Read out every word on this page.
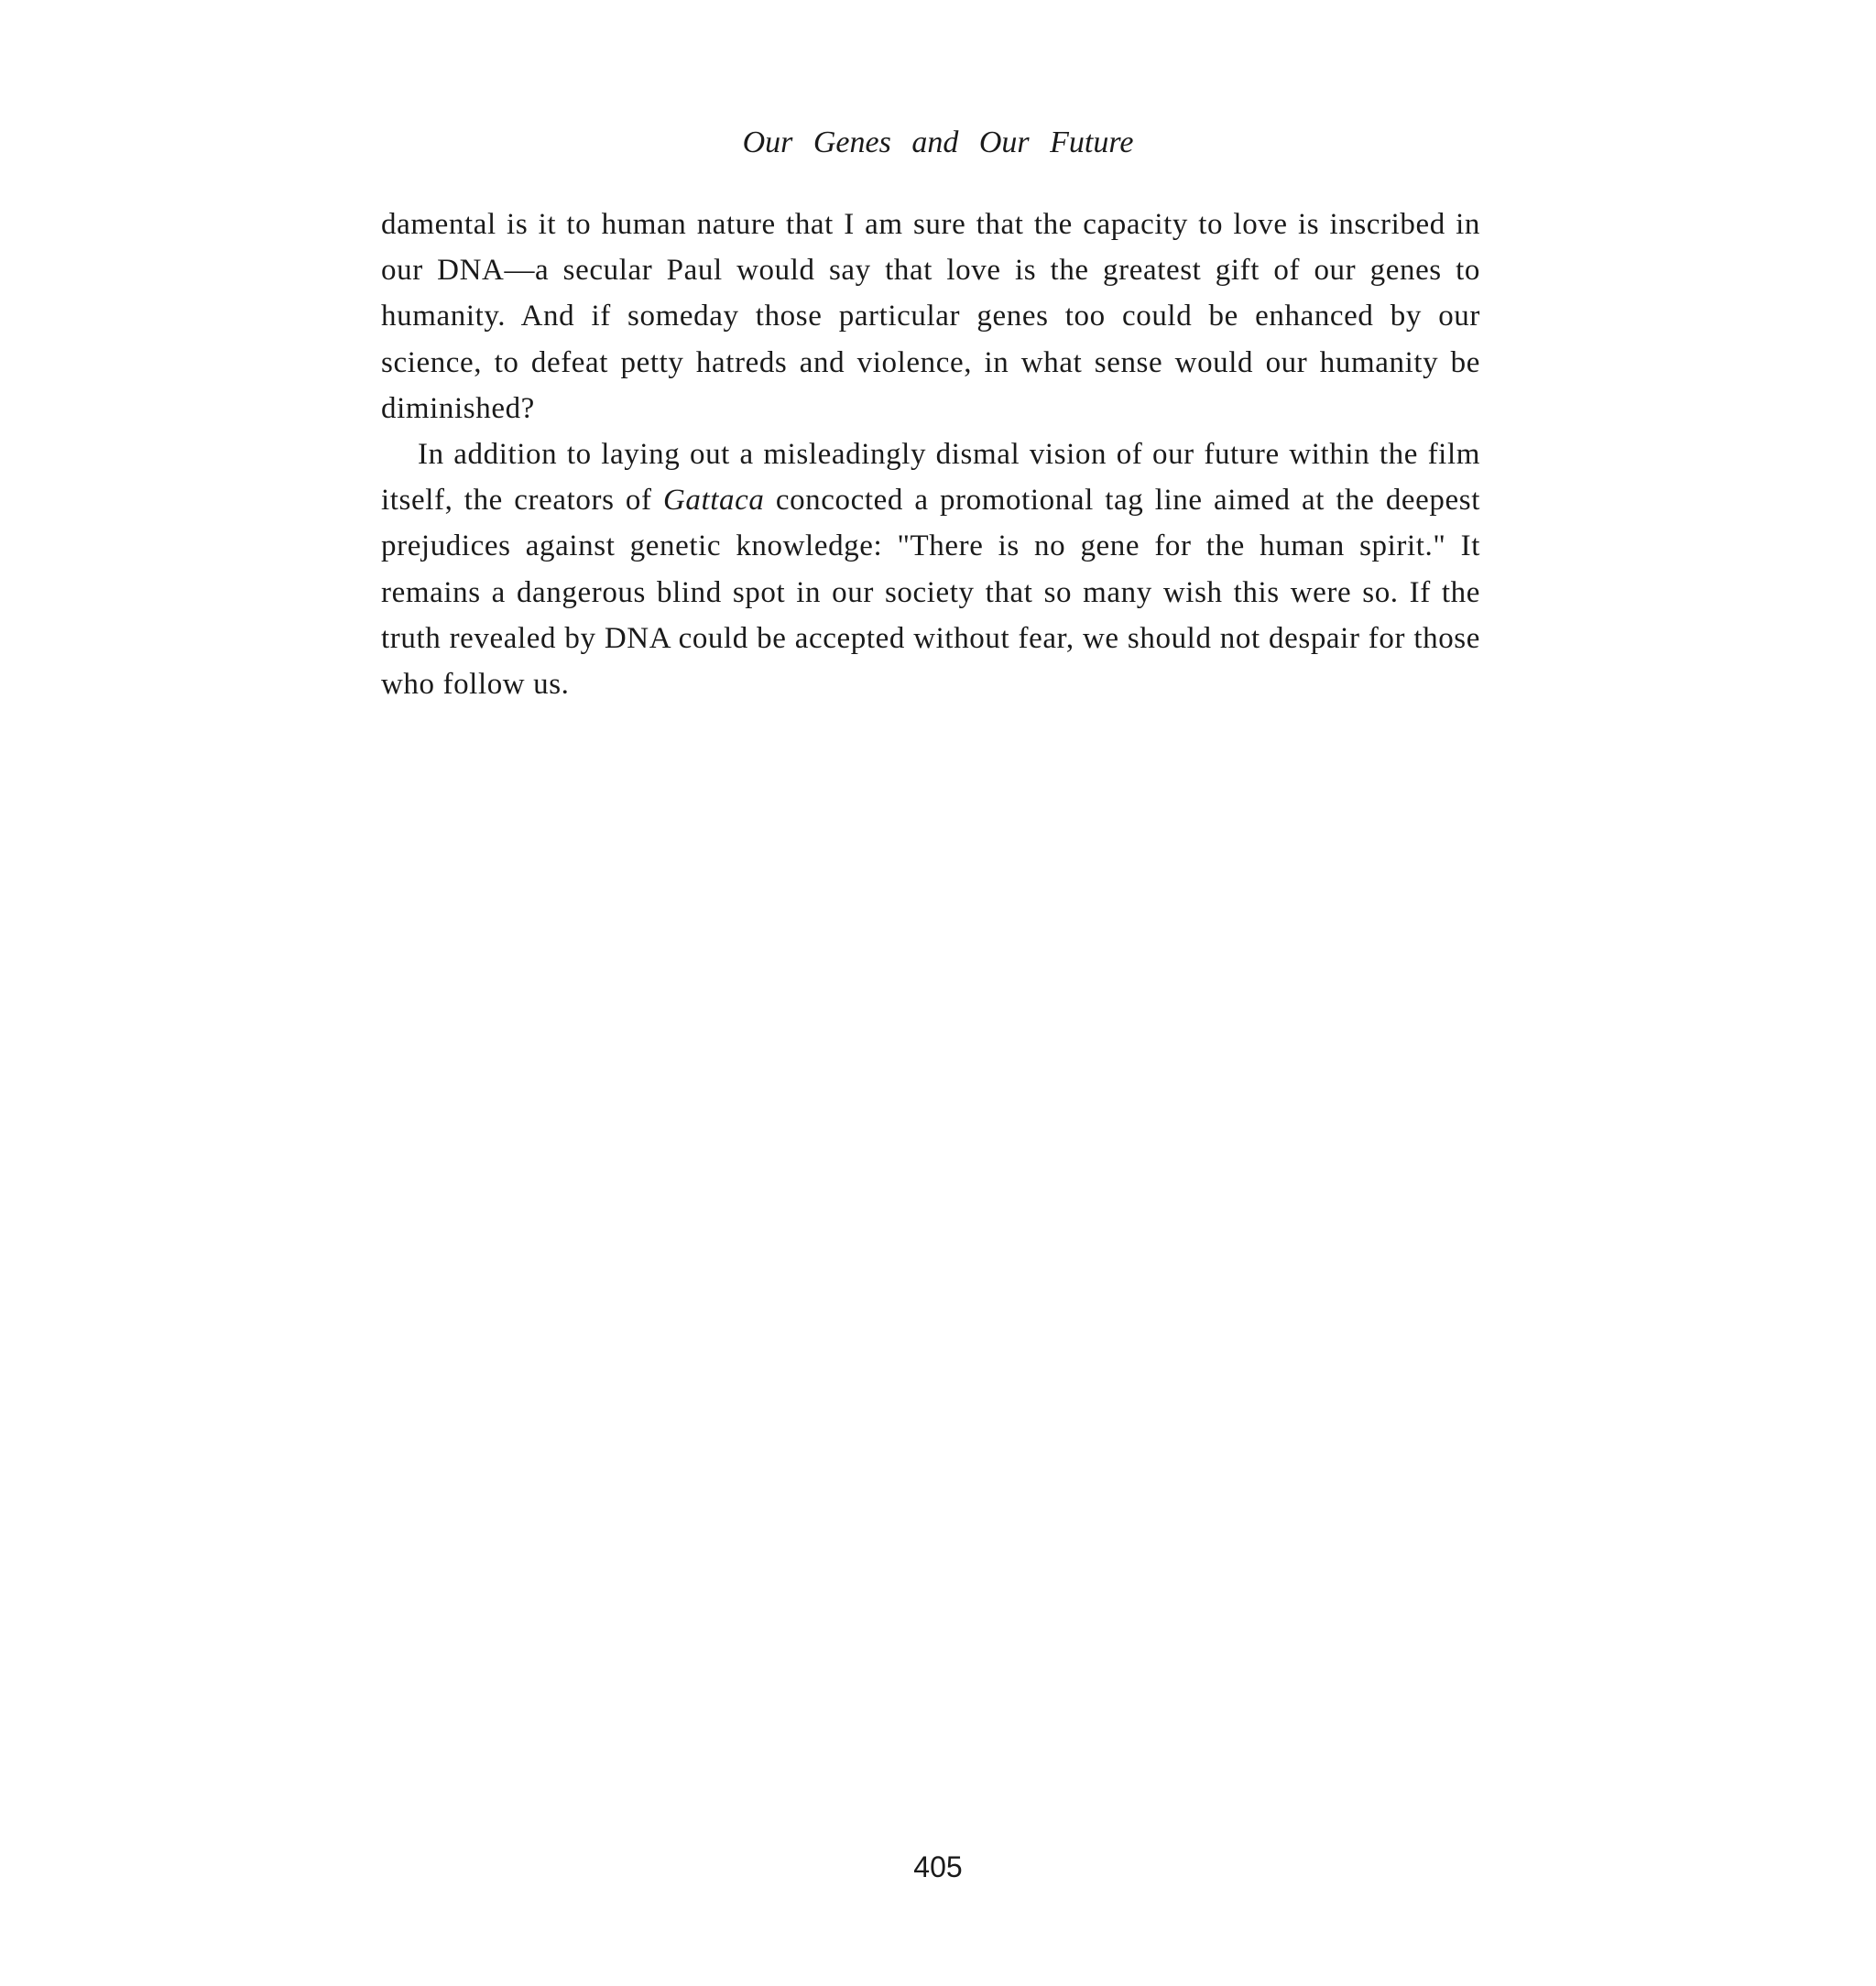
Our Genes and Our Future

damental is it to human nature that I am sure that the capacity to love is inscribed in our DNA—a secular Paul would say that love is the greatest gift of our genes to humanity. And if someday those particular genes too could be enhanced by our science, to defeat petty hatreds and violence, in what sense would our humanity be diminished?

In addition to laying out a misleadingly dismal vision of our future within the film itself, the creators of Gattaca concocted a promotional tag line aimed at the deepest prejudices against genetic knowledge: "There is no gene for the human spirit." It remains a dangerous blind spot in our society that so many wish this were so. If the truth revealed by DNA could be accepted without fear, we should not despair for those who follow us.

405
